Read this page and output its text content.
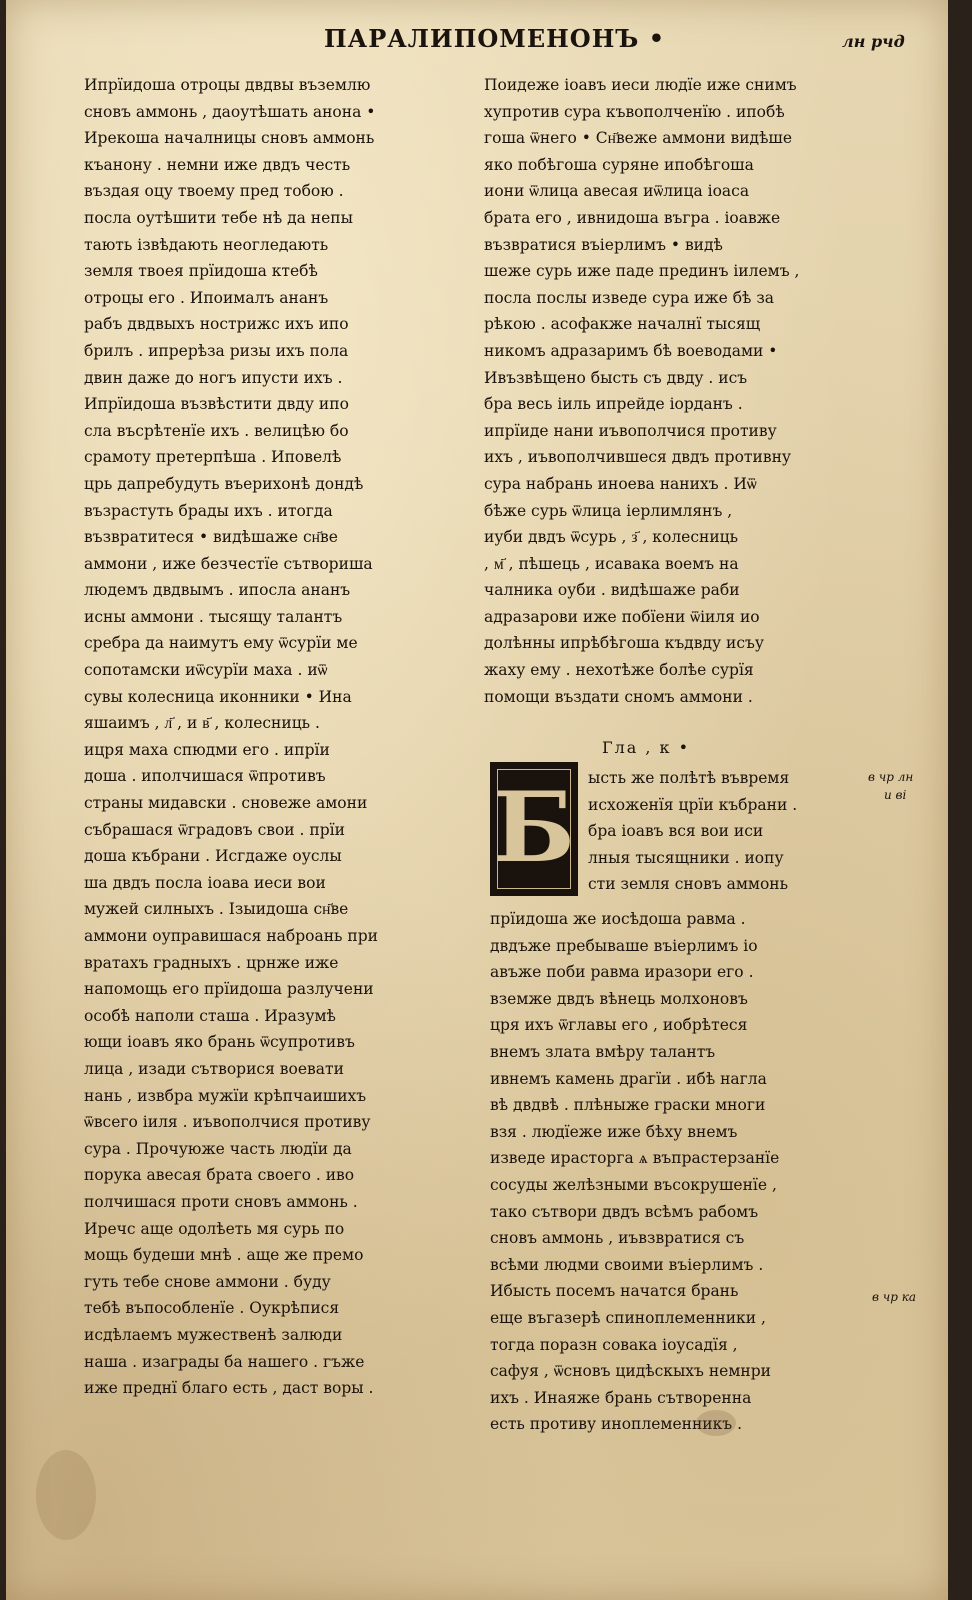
ПАРАЛИПОМЕНОНЪ •	лн рчд
Ипрїидоша отроцы двдвы въземлю
сновъ аммонь , даоутѣшать анона •
Ирекоша началницы сновъ аммонь
къанону . немни иже двдъ честь
въздая оцу твоему пред тобою .
посла оутѣшити тебе нѣ да непы
тають ізвѣдають неогледають
земля твоея прїидоша ктебѣ
отроцы его . Ипоималъ ананъ
рабъ двдвыхъ нострижс ихъ ипо
брилъ . ипрерѣза ризы ихъ пола
двин даже до ногъ ипусти ихъ .
Ипрїидоша възвѣстити двду ипо
сла въсрѣтенїе ихъ . велицѣю бо
срамоту претерпѣша . Иповелѣ
црь дапребудуть въерихонѣ дондѣ
възрастуть брады ихъ . итогда
възвратитеся • видѣшаже сн҃ве
аммони , иже безчестїе сътвориша
людемъ двдвымъ . ипосла ананъ
исны аммони . тысящу талантъ
сребра да наимутъ ему ѿсурїи ме
сопотамски иѿсурїи маха . иѿ
сувы колесница иконники • Ина
яшаимъ , л҃ , и в҃ , колесниць .
ицря маха спюдми его . ипрїи
доша . иполчишася ѿпротивъ
страны мидавски . сновеже амони
събрашася ѿградовъ свои . прїи
доша къбрани . Исгдаже оуслы
ша двдъ посла іоава иеси вои
мужей силныхъ . Ізыидоша сн҃ве
аммони оуправишася наброань при
вратахъ градныхъ . црнже иже
напомощь его прїидоша разлучени
особѣ наполи сташа . Иразумѣ
ющи іоавъ яко брань ѿсупротивъ
лица , изади сътворися воевати
нань , извбра мужїи крѣпчаишихъ
ѿвсего іиля . иъвополчися противу
сура . Прочуюже часть людїи да
порука авесая брата своего . иво
полчишася проти сновъ аммонь .
Иречс аще одолѣеть мя сурь по
мощь будеши мнѣ . аще же премо
гуть тебе снове аммони . буду
тебѣ въпособленїе . Оукрѣпися
исдѣлаемъ мужественѣ залюди
наша . изаграды ба нашего . гъже
иже преднї благо есть , даст воры .
Поидеже іоавъ иеси людїе иже снимъ
хупротив сура къвополченїю . ипобѣ
гоша ѿнего • Сн҃веже аммони видѣше
яко побѣгоша суряне ипобѣгоша
иони ѿлица авесая иѿлица іоаса
брата его , ивнидоша въгра . іоавже
възвратися въіерлимъ • видѣ
шеже сурь иже паде прединъ іилемъ ,
посла послы изведе сура иже бѣ за
рѣкою . асофакже началнї тысящ
никомъ адразаримъ бѣ воеводами •
Ивъзвѣщено бысть съ двду . исъ
бра весь іиль ипрейде іорданъ .
ипрїиде нани иъвополчися противу
ихъ , иъвополчившеся двдъ противну
сура набрань иноева нанихъ . Иѿ
бѣже сурь ѿлица іерлимлянъ ,
иуби двдъ ѿсурь , з҃ , колесниць
, м҃ , пѣшець , исавака воемъ на
чалника оуби . видѣшаже раби
адразарови иже побїени ѿіиля ио
долѣнны ипрѣбѣгоша къдвду исъу
жаху ему . нехотѣже болѣе сурїя
помощи въздати сномъ аммони .
Гла , к •
Б ысть же полѣтѣ въвремя
исхоженїя црїи къбрани .
бра іоавъ вся вои иси
лныя тысящники . иопу
сти земля сновъ аммонь
прїидоша же иосѣдоша равма .
двдъже пребываше въіерлимъ іо
авъже поби равма иразори его .
вземже двдъ вѣнець молхоновъ
цря ихъ ѿглавы его , иобрѣтеся
внемъ злата вмѣру талантъ
ивнемъ камень драгїи . ибѣ нагла
вѣ двдвѣ . плѣныже граски многи
взя . людїеже иже бѣху внемъ
изведе ирасторга ѧ въпрастерзанїе
сосуды желѣзными въсокрушенїе ,
тако сътвори двдъ всѣмъ рабомъ
сновъ аммонь , иъвзвратися съ
всѣми людми своими въіерлимъ .
Ибысть посемъ начатся брань
еще въгазерѣ спиноплеменники ,
тогда поразн совака іоусадїя ,
сафуя , ѿсновъ цидѣскыхъ немнри
ихъ . Инаяже брань сътворенна
есть противу иноплеменникъ .
в чр лн
и ві
в чр ка
